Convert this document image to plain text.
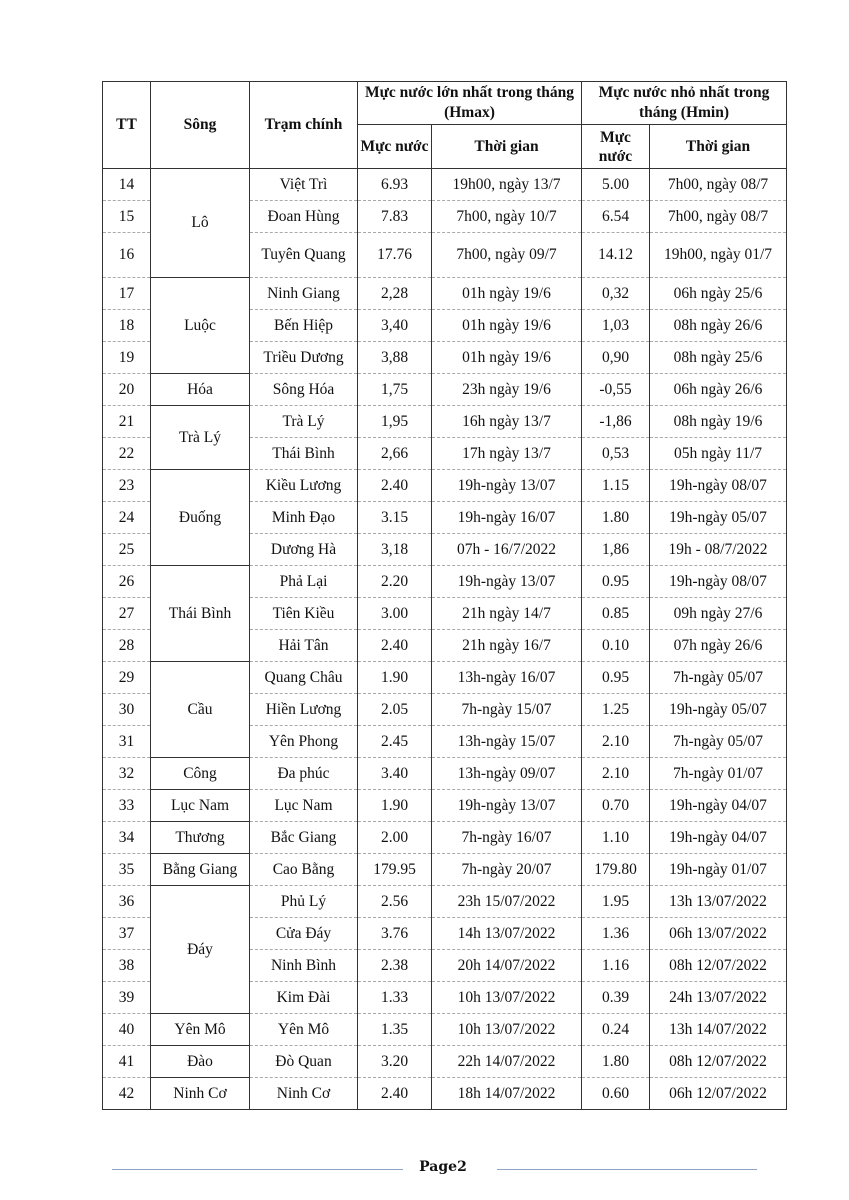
TT	Sông	Trạm chính	Mực nước lớn nhất trong tháng (Hmax)		Mực nước nhỏ nhất trong tháng (Hmin)	
			Mực nước	Thời gian	Mực nước	Thời gian
14	Lô	Việt Trì	6.93	19h00, ngày 13/7	5.00	7h00, ngày 08/7
15		Đoan Hùng	7.83	7h00, ngày 10/7	6.54	7h00, ngày 08/7
16		Tuyên Quang	17.76	7h00, ngày 09/7	14.12	19h00, ngày 01/7
17	Luộc	Ninh Giang	2,28	01h ngày 19/6	0,32	06h ngày 25/6
18		Bến Hiệp	3,40	01h ngày 19/6	1,03	08h ngày 26/6
19		Triều Dương	3,88	01h ngày 19/6	0,90	08h ngày 25/6
20	Hóa	Sông Hóa	1,75	23h ngày 19/6	-0,55	06h ngày 26/6
21	Trà Lý	Trà Lý	1,95	16h ngày 13/7	-1,86	08h ngày 19/6
22		Thái Bình	2,66	17h ngày 13/7	0,53	05h ngày 11/7
23	Đuống	Kiều Lương	2.40	19h-ngày 13/07	1.15	19h-ngày 08/07
24		Minh Đạo	3.15	19h-ngày 16/07	1.80	19h-ngày 05/07
25		Dương Hà	3,18	07h - 16/7/2022	1,86	19h - 08/7/2022
26	Thái Bình	Phả Lại	2.20	19h-ngày 13/07	0.95	19h-ngày 08/07
27		Tiên Kiều	3.00	21h ngày 14/7	0.85	09h ngày 27/6
28		Hải Tân	2.40	21h ngày 16/7	0.10	07h ngày 26/6
29	Cầu	Quang Châu	1.90	13h-ngày 16/07	0.95	7h-ngày 05/07
30		Hiền Lương	2.05	7h-ngày 15/07	1.25	19h-ngày 05/07
31		Yên Phong	2.45	13h-ngày 15/07	2.10	7h-ngày 05/07
32	Công	Đa phúc	3.40	13h-ngày 09/07	2.10	7h-ngày 01/07
33	Lục Nam	Lục Nam	1.90	19h-ngày 13/07	0.70	19h-ngày 04/07
34	Thương	Bắc Giang	2.00	7h-ngày 16/07	1.10	19h-ngày 04/07
35	Bằng Giang	Cao Bằng	179.95	7h-ngày 20/07	179.80	19h-ngày 01/07
36	Đáy	Phủ Lý	2.56	23h 15/07/2022	1.95	13h 13/07/2022
37		Cửa Đáy	3.76	14h 13/07/2022	1.36	06h 13/07/2022
38		Ninh Bình	2.38	20h 14/07/2022	1.16	08h 12/07/2022
39		Kim Đài	1.33	10h 13/07/2022	0.39	24h 13/07/2022
40	Yên Mô	Yên Mô	1.35	10h 13/07/2022	0.24	13h 14/07/2022
41	Đào	Đò Quan	3.20	22h 14/07/2022	1.80	08h 12/07/2022
42	Ninh Cơ	Ninh Cơ	2.40	18h 14/07/2022	0.60	06h 12/07/2022
Page2
